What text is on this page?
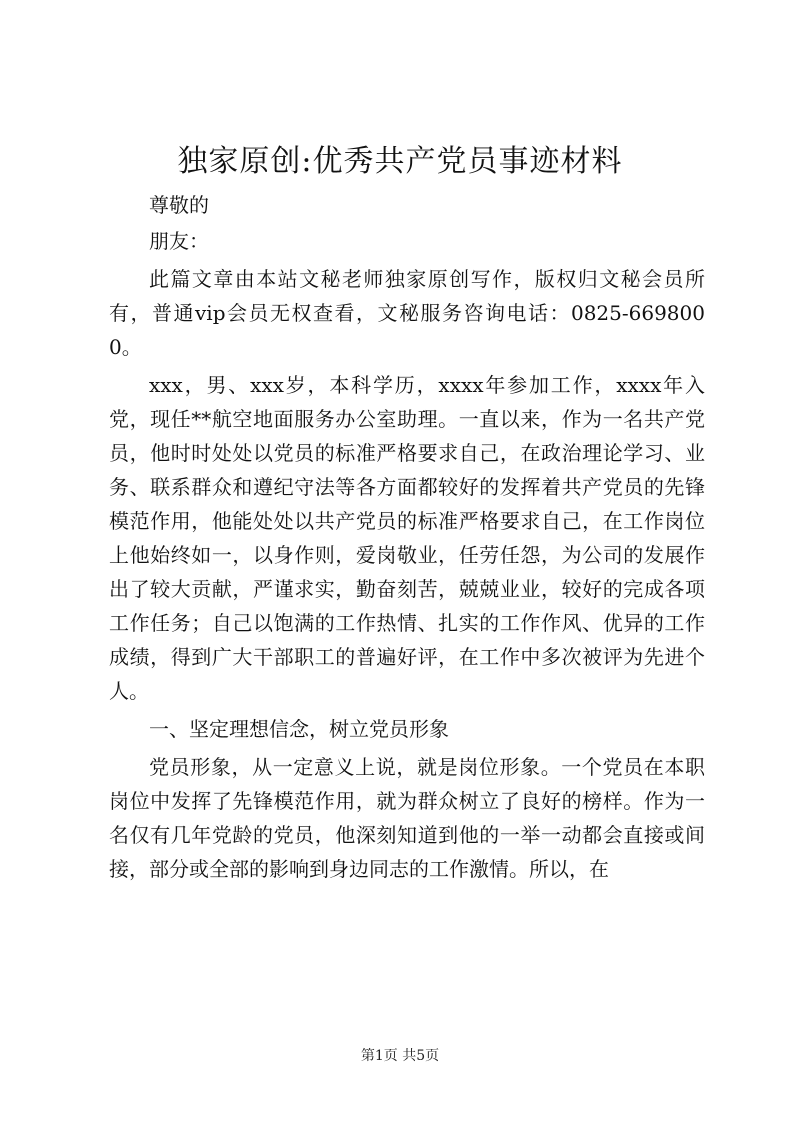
独家原创:优秀共产党员事迹材料

尊敬的

朋友：

此篇文章由本站文秘老师独家原创写作，版权归文秘会员所有，普通vip会员无权查看，文秘服务咨询电话：0825-6698000。

xxx，男、xxx岁，本科学历，xxxx年参加工作，xxxx年入党，现任**航空地面服务办公室助理。一直以来，作为一名共产党员，他时时处处以党员的标准严格要求自己，在政治理论学习、业务、联系群众和遵纪守法等各方面都较好的发挥着共产党员的先锋模范作用，他能处处以共产党员的标准严格要求自己，在工作岗位上他始终如一，以身作则，爱岗敬业，任劳任怨，为公司的发展作出了较大贡献，严谨求实，勤奋刻苦，兢兢业业，较好的完成各项工作任务；自己以饱满的工作热情、扎实的工作作风、优异的工作成绩，得到广大干部职工的普遍好评，在工作中多次被评为先进个人。

一、坚定理想信念，树立党员形象

党员形象，从一定意义上说，就是岗位形象。一个党员在本职岗位中发挥了先锋模范作用，就为群众树立了良好的榜样。作为一名仅有几年党龄的党员，他深刻知道到他的一举一动都会直接或间接，部分或全部的影响到身边同志的工作激情。所以，在

第1页 共5页
